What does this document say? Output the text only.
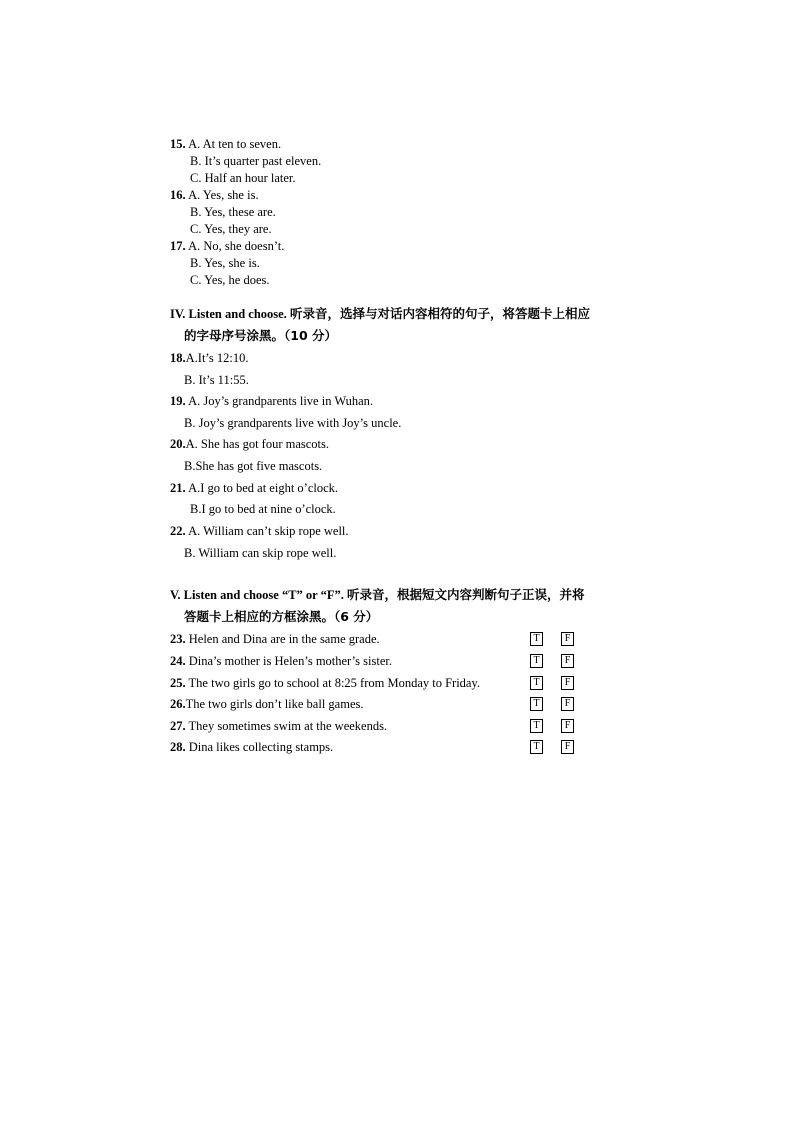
15. A. At ten to seven.
B. It’s quarter past eleven.
C. Half an hour later.
16. A. Yes, she is.
B. Yes, these are.
C. Yes, they are.
17. A. No, she doesn’t.
B. Yes, she is.
C. Yes, he does.
IV. Listen and choose. 听录音，选择与对话内容相符的句子，将答题卡上相应
的字母序号涂黑。（10 分）
18.A.It’s 12:10.
B. It’s 11:55.
19. A. Joy’s grandparents live in Wuhan.
B. Joy’s grandparents live with Joy’s uncle.
20.A. She has got four mascots.
B.She has got five mascots.
21. A.I go to bed at eight o’clock.
B.I go to bed at nine o’clock.
22. A. William can’t skip rope well.
B. William can skip rope well.
V. Listen and choose “T” or “F”. 听录音，根据短文内容判断句子正误，并将
答题卡上相应的方框涂黑。（6 分）
23. Helen and Dina are in the same grade.	T	F
24. Dina’s mother is Helen’s mother’s sister.	T	F
25. The two girls go to school at 8:25 from Monday to Friday.	T	F
26.The two girls don’t like ball games.	T	F
27. They sometimes swim at the weekends.	T	F
28. Dina likes collecting stamps.	T	F
